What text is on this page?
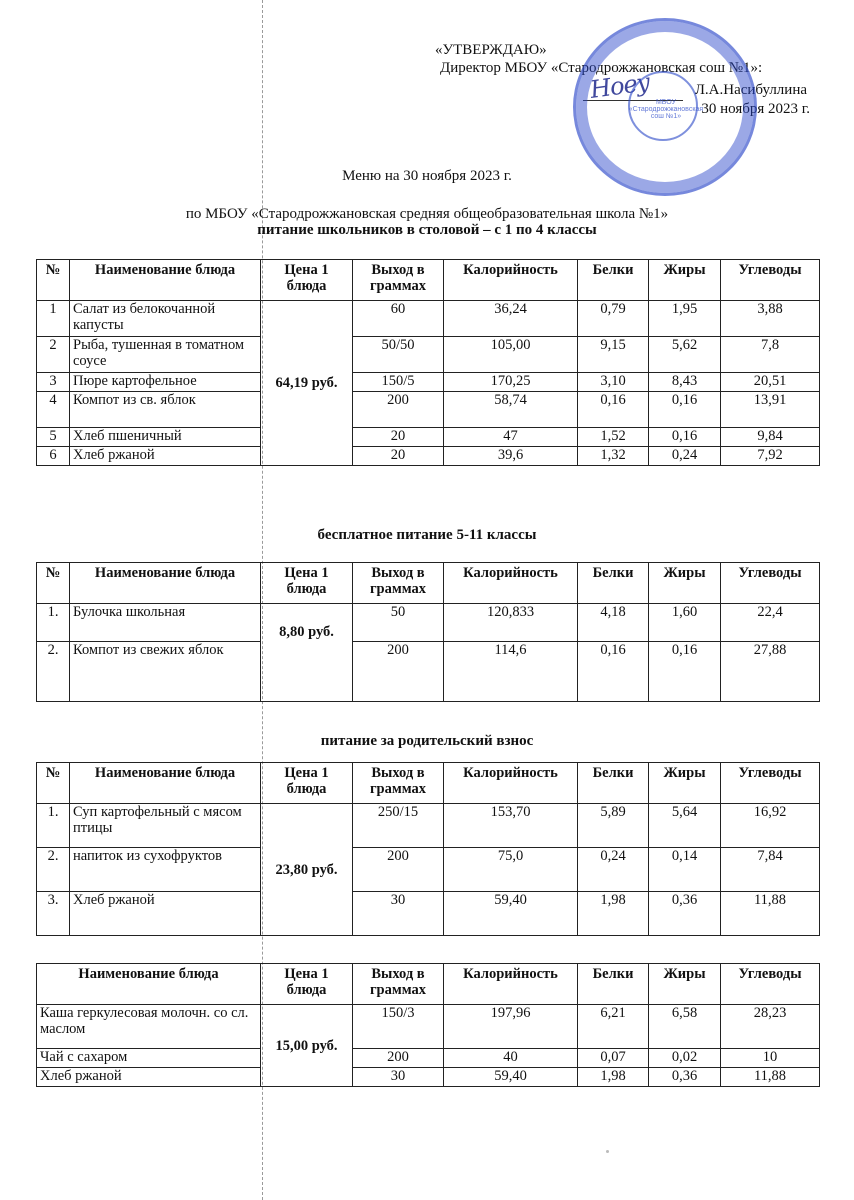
«УТВЕРЖДАЮ»
Директор МБОУ «Стародрожжановская сош №1»:
Л.А.Насибуллина
30 ноября 2023 г.
Ноеy МБОУ «Стародрожжановская сош №1»
Меню на 30 ноября 2023 г.
по МБОУ «Стародрожжановская средняя общеобразовательная школа №1»
питание школьников в столовой – с 1 по 4 классы
№	Наименование блюда	Цена 1 блюда	Выход в граммах	Калорийность	Белки	Жиры	Углеводы
1	Салат из белокочанной капусты	64,19 руб.	60	36,24	0,79	1,95	3,88
2	Рыба, тушенная в томатном соусе		50/50	105,00	9,15	5,62	7,8
3	Пюре картофельное		150/5	170,25	3,10	8,43	20,51
4	Компот из св. яблок		200	58,74	0,16	0,16	13,91
5	Хлеб пшеничный		20	47	1,52	0,16	9,84
6	Хлеб ржаной		20	39,6	1,32	0,24	7,92
бесплатное питание 5-11 классы
№	Наименование блюда	Цена 1 блюда	Выход в граммах	Калорийность	Белки	Жиры	Углеводы
1.	Булочка школьная	8,80 руб.	50	120,833	4,18	1,60	22,4
2.	Компот из свежих яблок		200	114,6	0,16	0,16	27,88
питание за родительский взнос
№	Наименование блюда	Цена 1 блюда	Выход в граммах	Калорийность	Белки	Жиры	Углеводы
1.	Суп картофельный с мясом птицы	23,80 руб.	250/15	153,70	5,89	5,64	16,92
2.	напиток из сухофруктов		200	75,0	0,24	0,14	7,84
3.	Хлеб ржаной		30	59,40	1,98	0,36	11,88
Наименование блюда	Цена 1 блюда	Выход в граммах	Калорийность	Белки	Жиры	Углеводы
Каша геркулесовая молочн. со сл. маслом	15,00 руб.	150/3	197,96	6,21	6,58	28,23
Чай с сахаром		200	40	0,07	0,02	10
Хлеб ржаной		30	59,40	1,98	0,36	11,88
